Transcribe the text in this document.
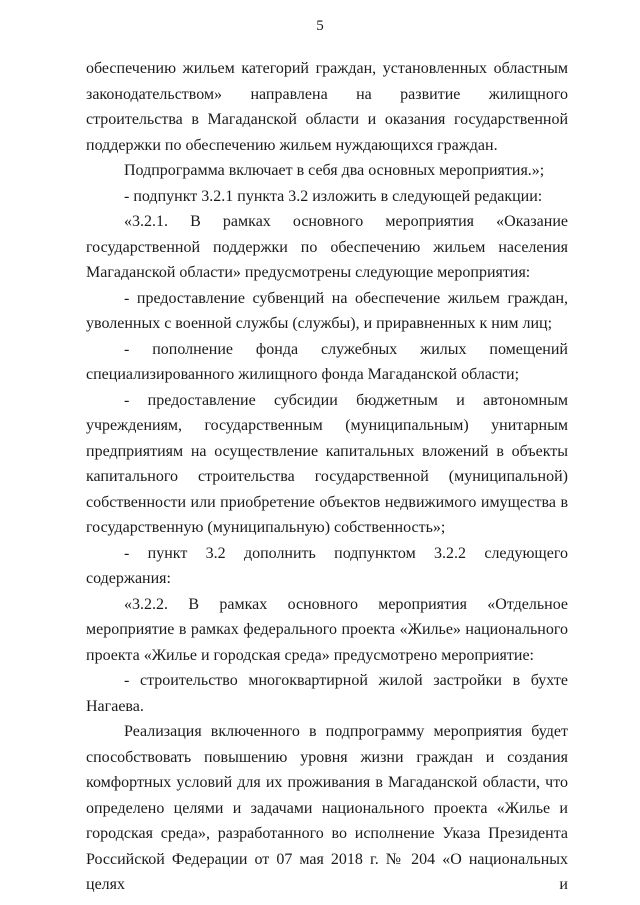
5

обеспечению жильем категорий граждан, установленных областным законодательством» направлена на развитие жилищного строительства в Магаданской области и оказания государственной поддержки по обеспечению жильем нуждающихся граждан.

Подпрограмма включает в себя два основных мероприятия.»;

- подпункт 3.2.1 пункта 3.2 изложить в следующей редакции:

«3.2.1. В рамках основного мероприятия «Оказание государственной поддержки по обеспечению жильем населения Магаданской области» предусмотрены следующие мероприятия:

- предоставление субвенций на обеспечение жильем граждан, уволенных с военной службы (службы), и приравненных к ним лиц;

- пополнение фонда служебных жилых помещений специализированного жилищного фонда Магаданской области;

- предоставление субсидии бюджетным и автономным учреждениям, государственным (муниципальным) унитарным предприятиям на осуществление капитальных вложений в объекты капитального строительства государственной (муниципальной) собственности или приобретение объектов недвижимого имущества в государственную (муниципальную) собственность»;

- пункт 3.2 дополнить подпунктом 3.2.2 следующего содержания:

«3.2.2. В рамках основного мероприятия «Отдельное мероприятие в рамках федерального проекта «Жилье» национального проекта «Жилье и городская среда» предусмотрено мероприятие:

- строительство многоквартирной жилой застройки в бухте Нагаева.

Реализация включенного в подпрограмму мероприятия будет способствовать повышению уровня жизни граждан и создания комфортных условий для их проживания в Магаданской области, что определено целями и задачами национального проекта «Жилье и городская среда», разработанного во исполнение Указа Президента Российской Федерации от 07 мая 2018 г. № 204 «О национальных целях и
